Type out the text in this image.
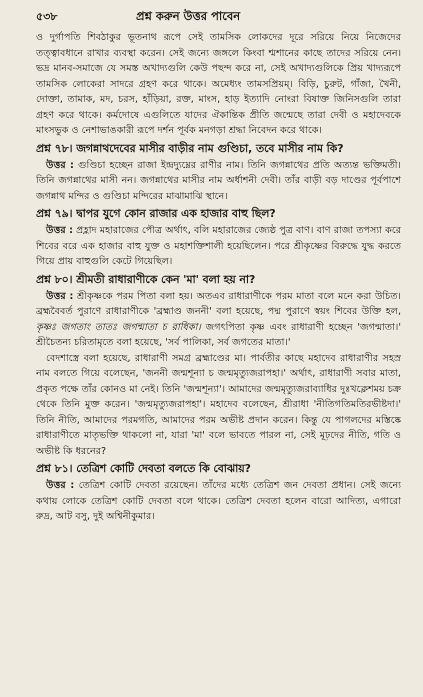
৫৩৮	প্রশ্ন করুন উত্তর পাবেন

ও দুর্গাপতি শিবঠাকুর ভূতনাথ রূপে সেই তামসিক লোকদের দূরে সরিয়ে নিয়ে নিজেদের তত্ত্বাবধানে রাখার ব্যবস্থা করেন। সেই জন্যে জঙ্গলে কিংবা শ্মশানের কাছে তাদের সরিয়ে নেন। ভদ্র মানব-সমাজে যে সমস্ত অখাদ্যগুলি কেউ পছন্দ করে না, সেই অখাদ্যগুলিকে প্রিয় খাদ্যরূপে তামসিক লোকেরা সাদরে গ্রহণ করে থাকে। অমেধ্যং তামসপ্রিয়ম্। বিড়ি, চুরুট, গাঁজা, খৈনী, দোক্তা, তামাক, মদ, চরস, হাঁড়িয়া, রক্ত, মাংস, হাড় ইত্যাদি নোংরা বিষাক্ত জিনিসগুলি তারা গ্রহণ করে থাকে। কর্মদোষে এগুলিতে যাদের ঐকান্তিক প্রীতি জন্মেছে তারা দেবী ও মহাদেবকে মাংসভুক ও নেশাভাঙকারী রূপে দর্শন পূর্বক মনগড়া শ্রদ্ধা নিবেদন করে থাকে।

প্রশ্ন ৭৮। জগন্নাথদেবের মাসীর বাড়ীর নাম গুণ্ডিচা, তবে মাসীর নাম কি?

উত্তর : গুণ্ডিচা হচ্ছেন রাজা ইন্দ্রদ্যুম্নের রাণীর নাম। তিনি জগন্নাথের প্রতি অত্যন্ত ভক্তিমতী। তিনি জগন্নাথের মাসী নন। জগন্নাথের মাসীর নাম অর্ধাশনী দেবী। তাঁর বাড়ী বড় দাণ্ডের পূর্বপাশে জগন্নাথ মন্দির ও গুণ্ডিচা মন্দিরের মাঝামাঝি স্থানে।

প্রশ্ন ৭৯। দ্বাপর যুগে কোন রাজার এক হাজার বাহু ছিল?

উত্তর : প্রহ্লাদ মহারাজের পৌত্র অর্থাৎ, বলি মহারাজের জ্যেষ্ঠ পুত্র বাণ। বাণ রাজা তপস্যা করে শিবের বরে এক হাজার বাহু যুক্ত ও মহাশক্তিশালী হয়েছিলেন। পরে শ্রীকৃষ্ণের বিরুদ্ধে যুদ্ধ করতে গিয়ে প্রায় বাহুগুলি কেটে গিয়েছিল।

প্রশ্ন ৮০। শ্রীমতী রাধারাণীকে কেন 'মা' বলা হয় না?

উত্তর : শ্রীকৃষ্ণকে পরম পিতা বলা হয়। অতএব রাধারাণীকে পরম মাতা বলে মনে করা উচিত। ব্রহ্মবৈবর্ত পুরাণে রাধারাণীকে 'ব্রহ্মাণ্ড জননী' বলা হয়েছে, পদ্ম পুরাণে স্বয়ং শিবের উক্তি হল, কৃষ্ণঃ জগতাং তাতঃ জগন্মাতা চ রাধিকা। জগৎপিতা কৃষ্ণ এবং রাধারাণী হচ্ছেন 'জগন্মাতা।' শ্রীচৈতন্য চরিতামৃতে বলা হয়েছে, 'সর্ব পালিকা, সর্ব জগতের মাতা।'

বেদশাস্ত্রে বলা হয়েছে, রাধারাণী সমগ্র ব্রহ্মাণ্ডের মা। পার্বতীর কাছে মহাদেব রাধারাণীর সহস্র নাম বলতে গিয়ে বলেছেন, 'জননী জন্মশূন্যা চ জন্মমৃত্যুজরাপহা।' অর্থাৎ, রাধারাণী সবার মাতা, প্রকৃত পক্ষে তাঁর কোনও মা নেই। তিনি 'জন্মশূন্যা'। আমাদের জন্মমৃত্যুজরাব্যাধির দুঃখক্লেশময় চক্র থেকে তিনি মুক্ত করেন। 'জন্মমৃত্যুজরাপহা'। মহাদেব বলেছেন, শ্রীরাধা 'নীতিগতিমতিরভীষ্টদা।' তিনি নীতি, আমাদের পরমগতি, আমাদের পরম অভীষ্ট প্রদান করেন। কিন্তু যে পাগলদের মস্তিষ্কে রাধারাণীতে মাতৃভক্তি থাকলো না, যারা 'মা' বলে ভাবতে পারল না, সেই মূঢ়দের নীতি, গতি ও অভীষ্ট কি ধরনের?

প্রশ্ন ৮১। তেত্রিশ কোটি দেবতা বলতে কি বোঝায়?

উত্তর : তেত্রিশ কোটি দেবতা রয়েছেন। তাঁদের মধ্যে তেত্রিশ জন দেবতা প্রধান। সেই জন্যে কথায় লোকে তেত্রিশ কোটি দেবতা বলে থাকে। তেত্রিশ দেবতা হলেন বারো আদিত্য, এগারো রুদ্র, আট বসু, দুই অশ্বিনীকুমার।
